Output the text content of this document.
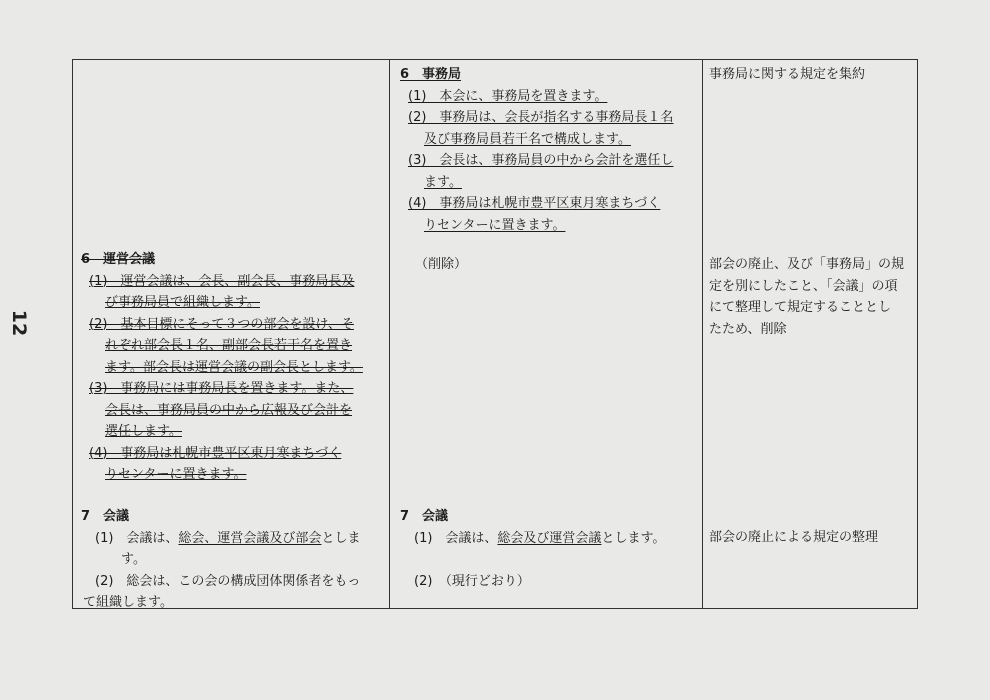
12
6　事務局
(1)　本会に、事務局を置きます。
(2)　事務局は、会長が指名する事務局長１名
及び事務局員若干名で構成します。
(3)　会長は、事務局員の中から会計を選任し
ます。
(4)　事務局は札幌市豊平区東月寒まちづく
りセンターに置きます。
事務局に関する規定を集約
6　運営会議
(1)　運営会議は、会長、副会長、事務局長及
び事務局員で組織します。
(2)　基本目標にそって３つの部会を設け、そ
れぞれ部会長１名、副部会長若干名を置き
ます。部会長は運営会議の副会長とします。
(3)　事務局には事務局長を置きます。また、
会長は、事務局員の中から広報及び会計を
選任します。
(4)　事務局は札幌市豊平区東月寒まちづく
りセンターに置きます。
（削除）	部会の廃止、及び「事務局」の規
定を別にしたこと、「会議」の項
にて整理して規定することとし
たため、削除
7　会議
(1)　会議は、総会、運営会議及び部会としま
す。
(2)　総会は、この会の構成団体関係者をもっ
て組織します。
7　会議
(1)　会議は、総会及び運営会議とします。
(2)　（現行どおり）
部会の廃止による規定の整理
